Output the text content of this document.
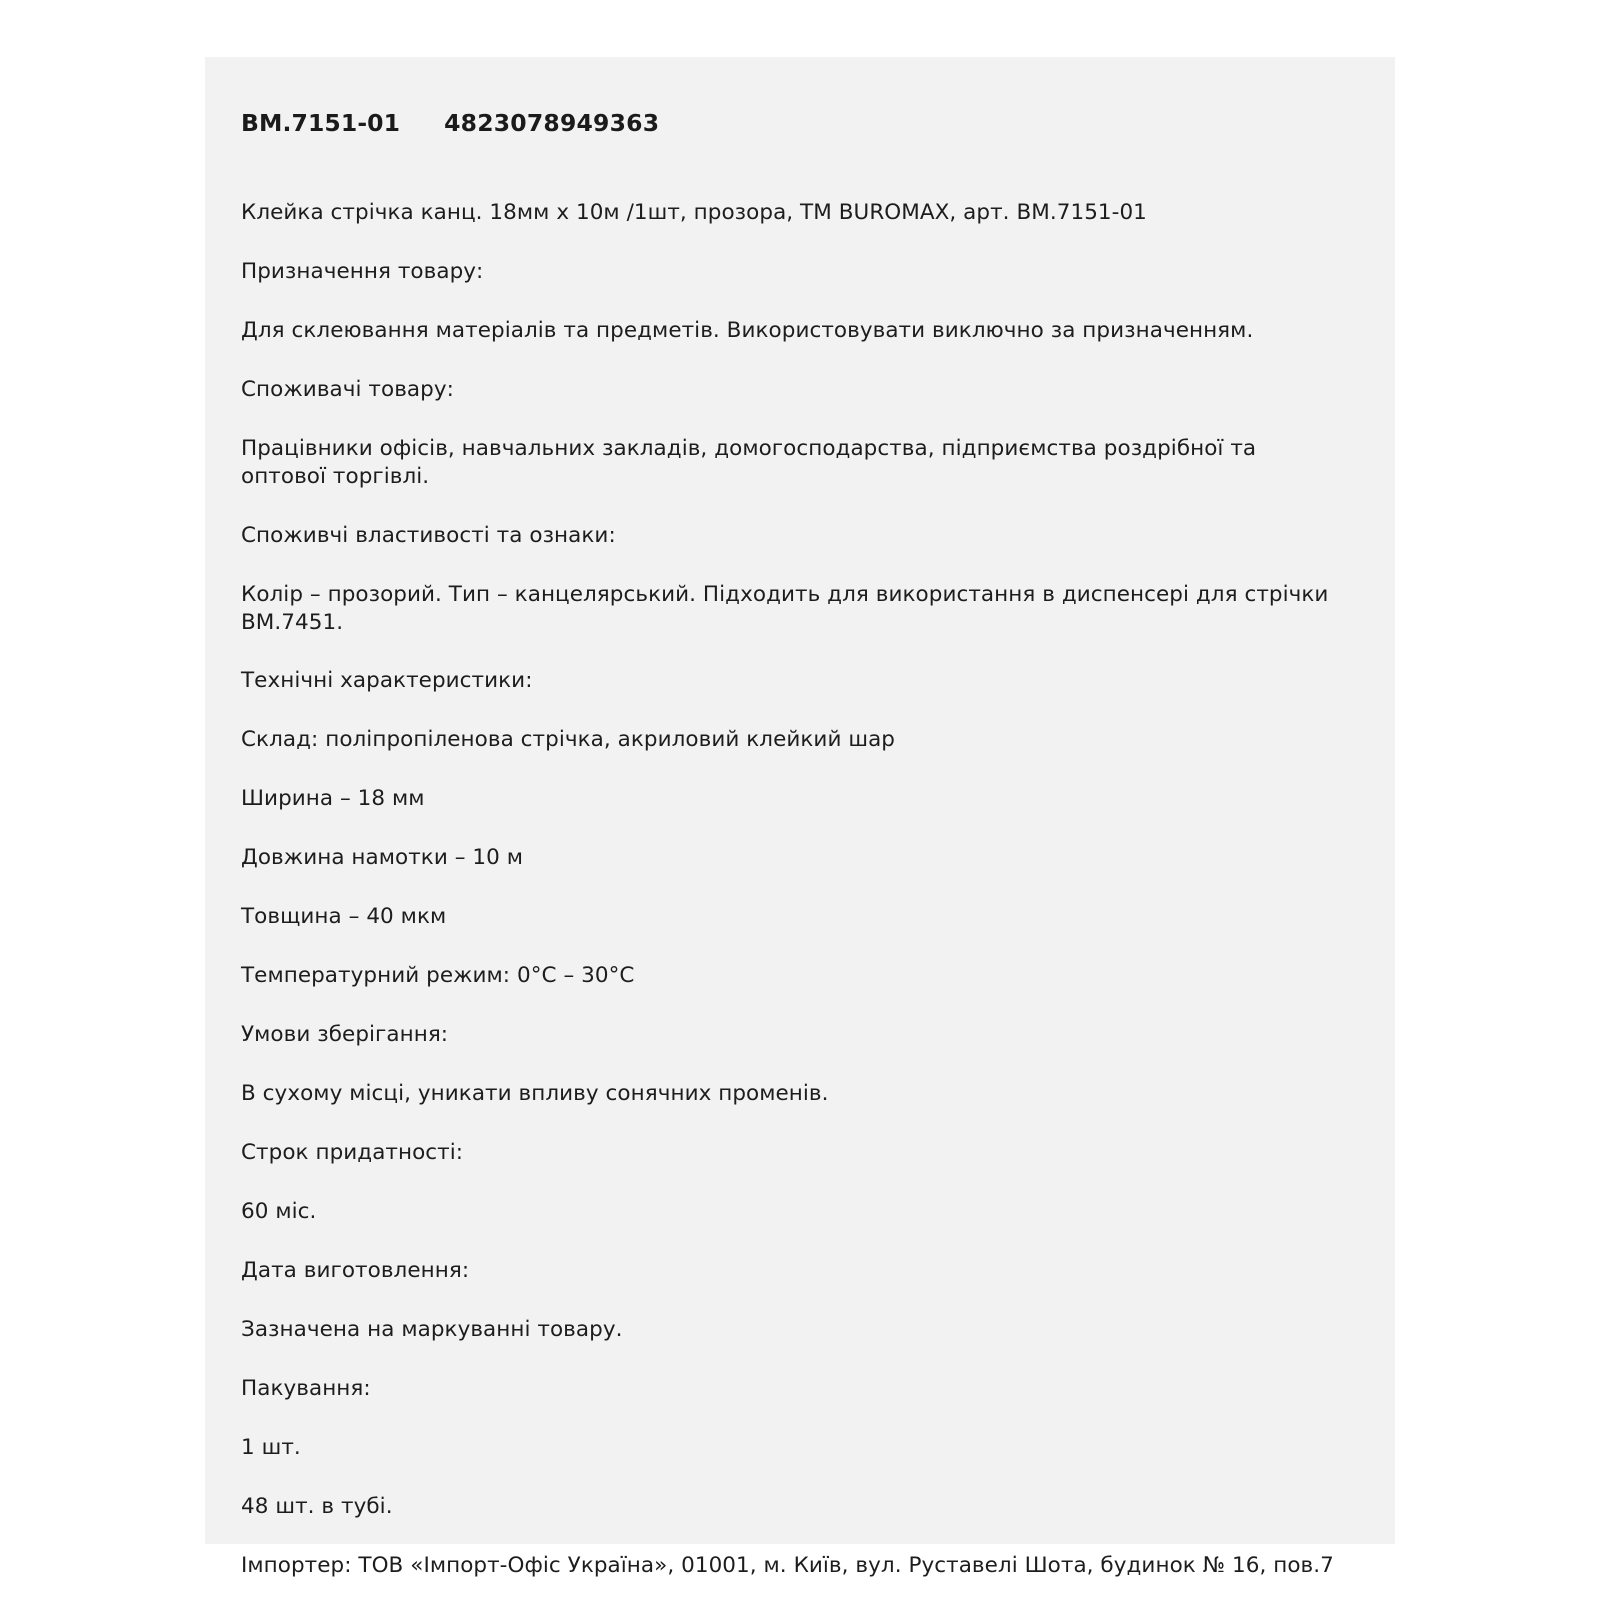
BM.7151-01 4823078949363

Клейка стрічка канц. 18мм х 10м /1шт, прозора, ТМ BUROMAX, арт. BM.7151-01

Призначення товару:

Для склеювання матеріалів та предметів. Використовувати виключно за призначенням.

Споживачі товару:

Працівники офісів, навчальних закладів, домогосподарства, підприємства роздрібної та оптової торгівлі.

Споживчі властивості та ознаки:

Колір – прозорий. Тип – канцелярський. Підходить для використання в диспенсері для стрічки BM.7451.

Технічні характеристики:

Склад: поліпропіленова стрічка, акриловий клейкий шар

Ширина – 18 мм

Довжина намотки – 10 м

Товщина – 40 мкм

Температурний режим: 0°С – 30°С

Умови зберігання:

В сухому місці, уникати впливу сонячних променів.

Строк придатності:

60 міс.

Дата виготовлення:

Зазначена на маркуванні товару.

Пакування:

1 шт.

48 шт. в тубі.

Імпортер: ТОВ «Імпорт-Офіс Україна», 01001, м. Київ, вул. Руставелі Шота, будинок № 16, пов.7
